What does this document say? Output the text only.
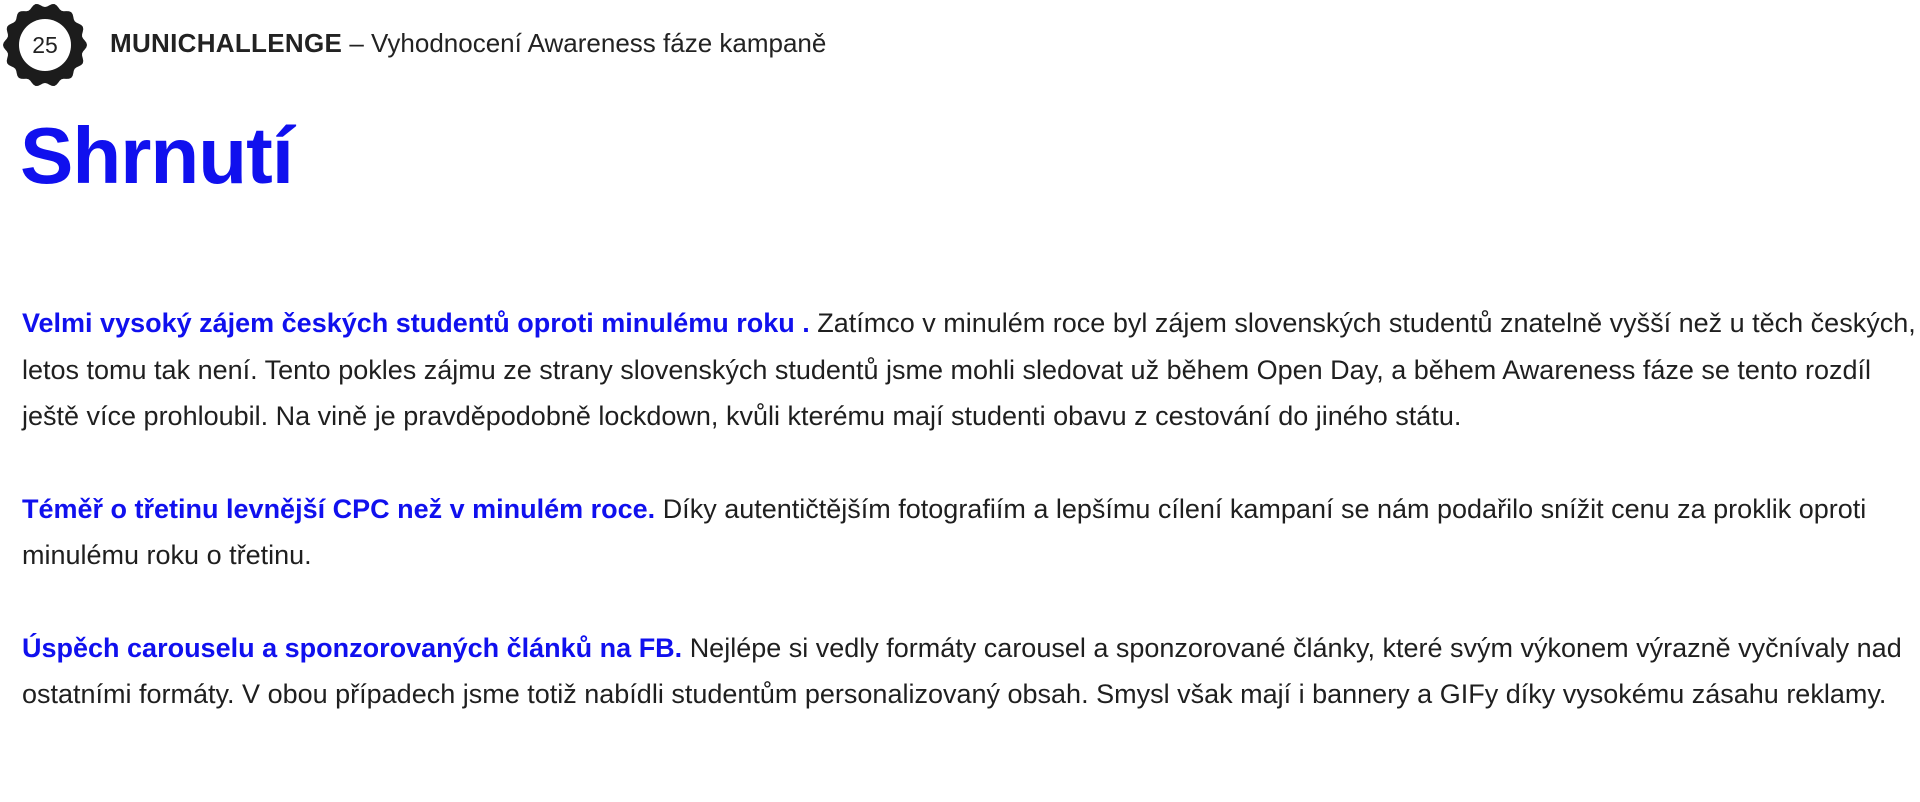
25	MUNICHALLENGE – Vyhodnocení Awareness fáze kampaně
Shrnutí

Velmi vysoký zájem českých studentů oproti minulému roku . Zatímco v minulém roce byl zájem slovenských studentů znatelně vyšší než u těch českých, letos tomu tak není. Tento pokles zájmu ze strany slovenských studentů jsme mohli sledovat už během Open Day, a během Awareness fáze se tento rozdíl ještě více prohloubil. Na vině je pravděpodobně lockdown, kvůli kterému mají studenti obavu z cestování do jiného státu.

Téměř o třetinu levnější CPC než v minulém roce. Díky autentičtějším fotografiím a lepšímu cílení kampaní se nám podařilo snížit cenu za proklik oproti minulému roku o třetinu.

Úspěch carouselu a sponzorovaných článků na FB. Nejlépe si vedly formáty carousel a sponzorované články, které svým výkonem výrazně vyčnívaly nad ostatními formáty. V obou případech jsme totiž nabídli studentům personalizovaný obsah. Smysl však mají i bannery a GIFy díky vysokému zásahu reklamy.
